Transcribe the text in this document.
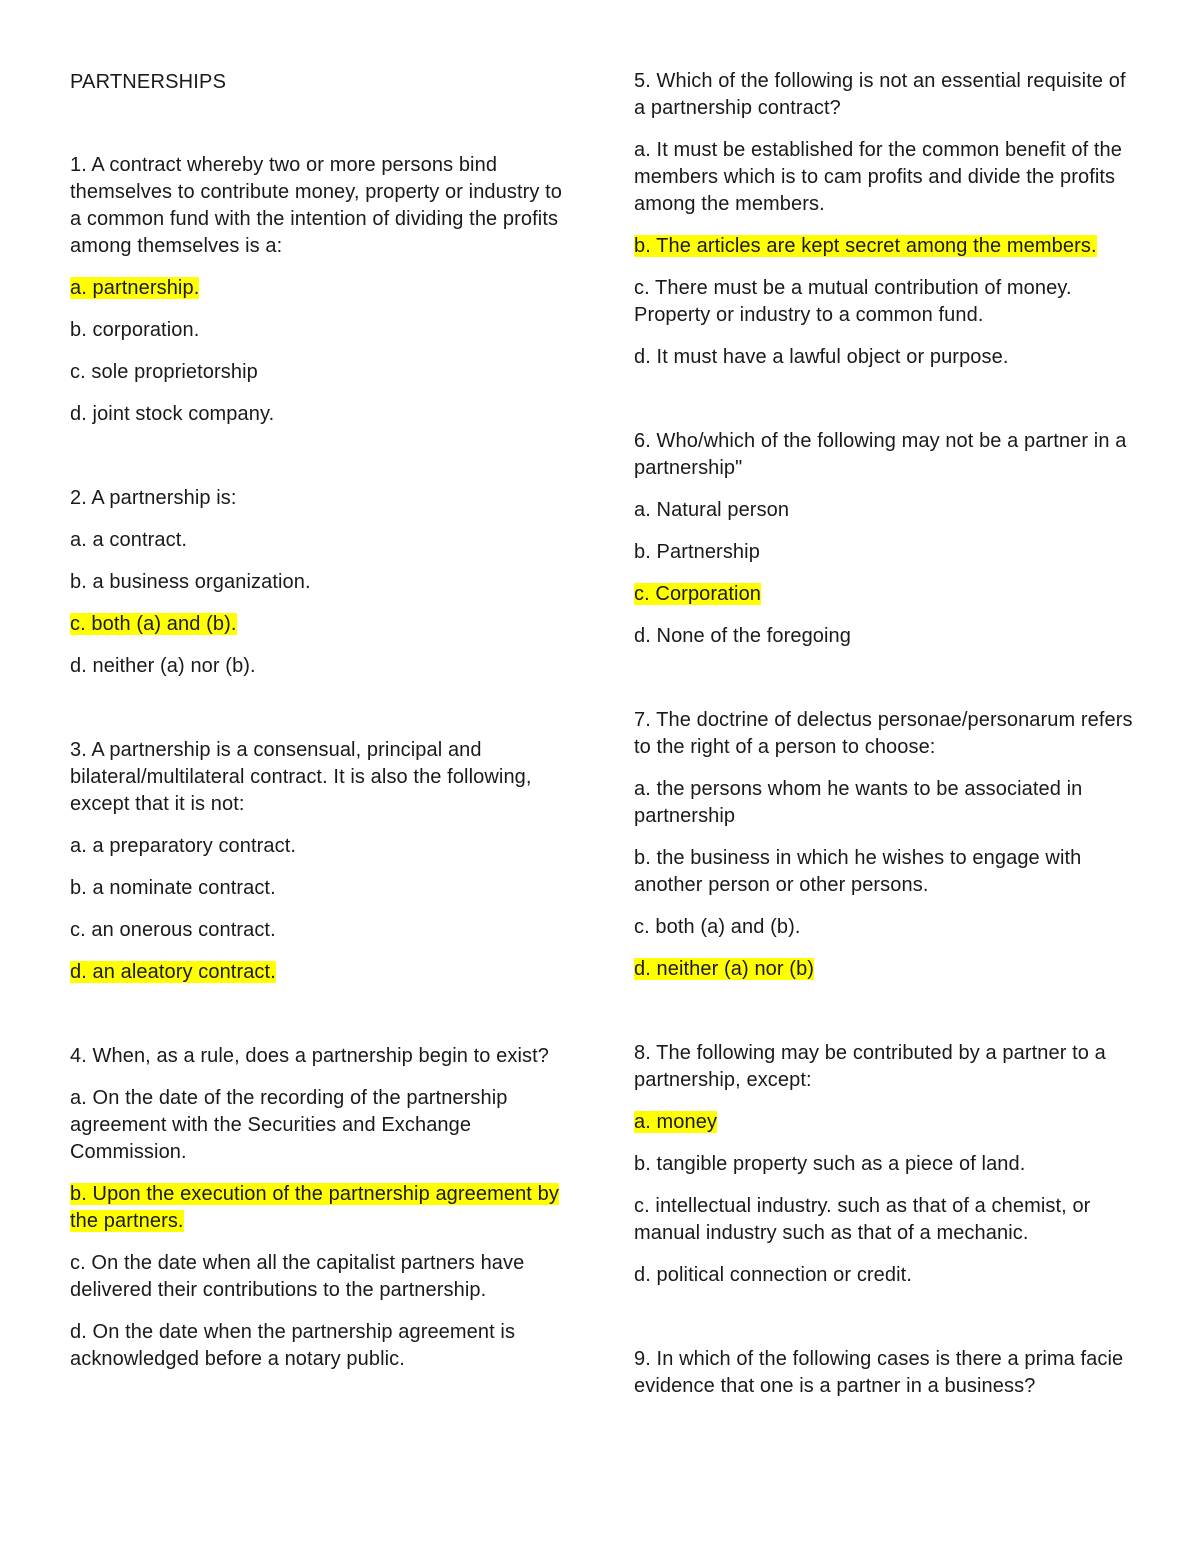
PARTNERSHIPS

1. A contract whereby two or more persons bind themselves to contribute money, property or industry to a common fund with the intention of dividing the profits among themselves is a:

a. partnership.

b. corporation.

c. sole proprietorship

d. joint stock company.

2. A partnership is:

a. a contract.

b. a business organization.

c. both (a) and (b).

d. neither (a) nor (b).

3. A partnership is a consensual, principal and bilateral/multilateral contract. It is also the following, except that it is not:

a. a preparatory contract.

b. a nominate contract.

c. an onerous contract.

d. an aleatory contract.

4. When, as a rule, does a partnership begin to exist?

a. On the date of the recording of the partnership agreement with the Securities and Exchange Commission.

b. Upon the execution of the partnership agreement by the partners.

c. On the date when all the capitalist partners have delivered their contributions to the partnership.

d. On the date when the partnership agreement is acknowledged before a notary public.

5. Which of the following is not an essential requisite of a partnership contract?

a. It must be established for the common benefit of the members which is to cam profits and divide the profits among the members.

b. The articles are kept secret among the members.

c. There must be a mutual contribution of money. Property or industry to a common fund.

d. It must have a lawful object or purpose.

6. Who/which of the following may not be a partner in a partnership"

a. Natural person

b. Partnership

c. Corporation

d. None of the foregoing

7. The doctrine of delectus personae/personarum refers to the right of a person to choose:

a. the persons whom he wants to be associated in partnership

b. the business in which he wishes to engage with another person or other persons.

c. both (a) and (b).

d. neither (a) nor (b)

8. The following may be contributed by a partner to a partnership, except:

a. money

b. tangible property such as a piece of land.

c. intellectual industry. such as that of a chemist, or manual industry such as that of a mechanic.

d. political connection or credit.

9. In which of the following cases is there a prima facie evidence that one is a partner in a business?
